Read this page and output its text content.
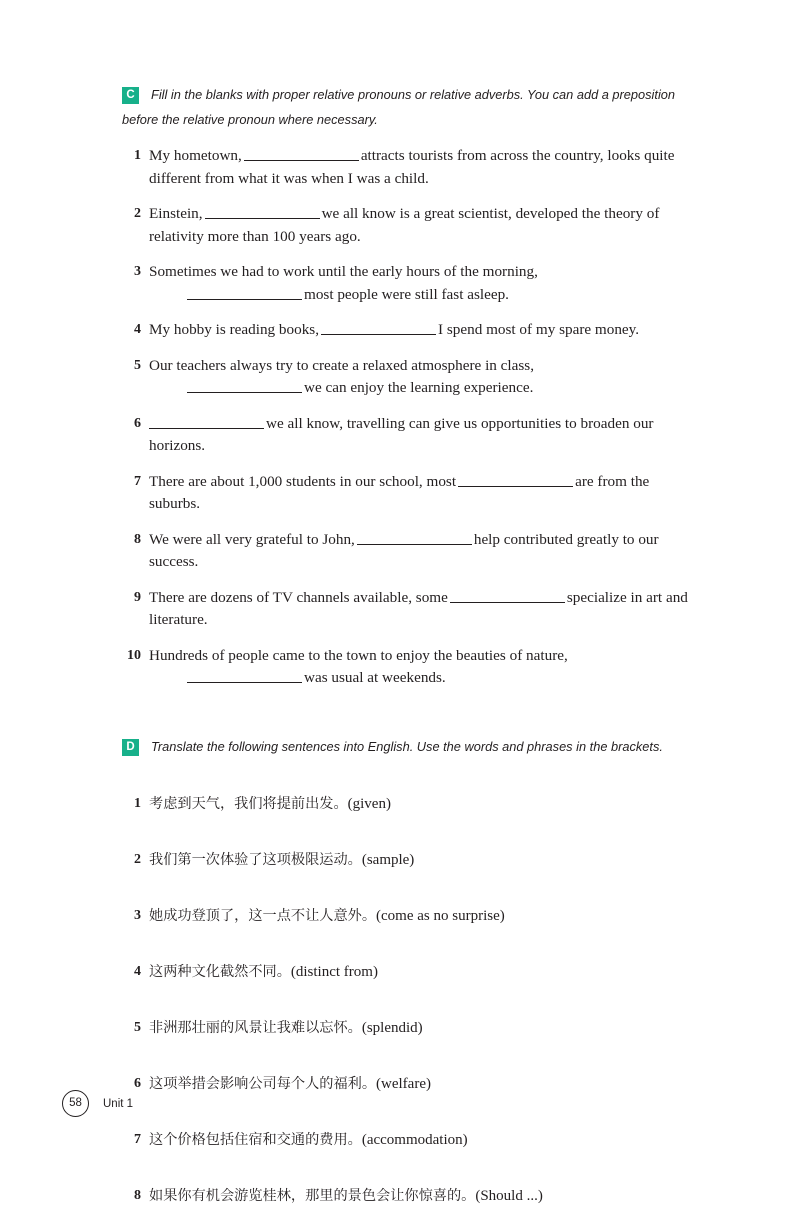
C Fill in the blanks with proper relative pronouns or relative adverbs. You can add a preposition before the relative pronoun where necessary.
1 My hometown,	attracts tourists from across the country, looks quite different from what it was when I was a child.
2 Einstein,	we all know is a great scientist, developed the theory of relativity more than 100 years ago.
3 Sometimes we had to work until the early hours of the morning,
most people were still fast asleep.
4 My hobby is reading books,	I spend most of my spare money.
5 Our teachers always try to create a relaxed atmosphere in class,
we can enjoy the learning experience.
6	we all know, travelling can give us opportunities to broaden our horizons.
7 There are about 1,000 students in our school, most	are from the suburbs.
8 We were all very grateful to John,	help contributed greatly to our success.
9 There are dozens of TV channels available, some	specialize in art and literature.
10 Hundreds of people came to the town to enjoy the beauties of nature,
was usual at weekends.
D Translate the following sentences into English. Use the words and phrases in the brackets.
1 考虑到天气，我们将提前出发。(given)
2 我们第一次体验了这项极限运动。(sample)
3 她成功登顶了，这一点不让人意外。(come as no surprise)
4 这两种文化截然不同。(distinct from)
5 非洲那壮丽的风景让我难以忘怀。(splendid)
6 这项举措会影响公司每个人的福利。(welfare)
7 这个价格包括住宿和交通的费用。(accommodation)
8 如果你有机会游览桂林，那里的景色会让你惊喜的。(Should ...)
58	Unit 1
